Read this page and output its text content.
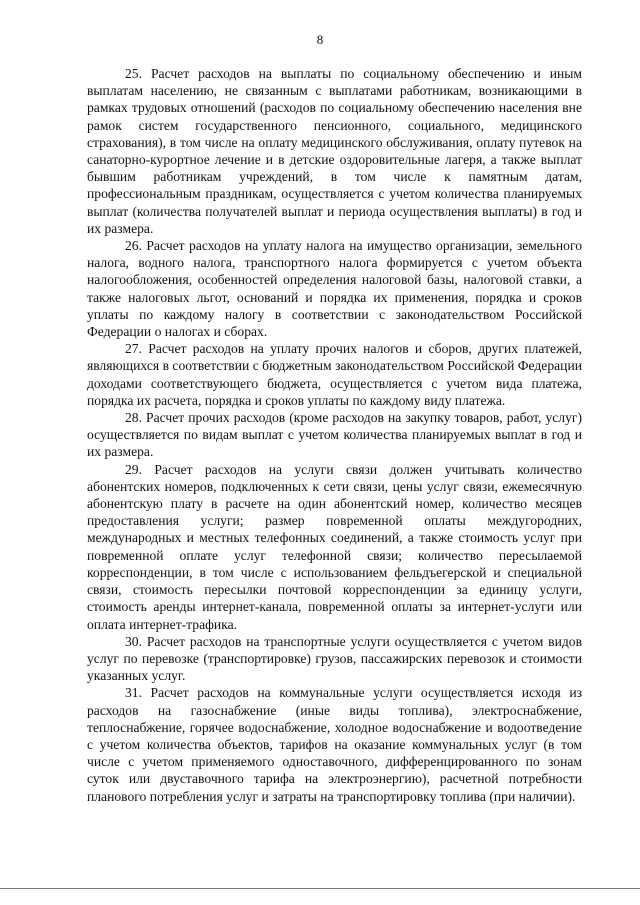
8

25. Расчет расходов на выплаты по социальному обеспечению и иным выплатам населению, не связанным с выплатами работникам, возникающими в рамках трудовых отношений (расходов по социальному обеспечению населения вне рамок систем государственного пенсионного, социального, медицинского страхования), в том числе на оплату медицинского обслуживания, оплату путевок на санаторно-курортное лечение и в детские оздоровительные лагеря, а также выплат бывшим работникам учреждений, в том числе к памятным датам, профессиональным праздникам, осуществляется с учетом количества планируемых выплат (количества получателей выплат и периода осуществления выплаты) в год и их размера.

26. Расчет расходов на уплату налога на имущество организации, земельного налога, водного налога, транспортного налога формируется с учетом объекта налогообложения, особенностей определения налоговой базы, налоговой ставки, а также налоговых льгот, оснований и порядка их применения, порядка и сроков уплаты по каждому налогу в соответствии с законодательством Российской Федерации о налогах и сборах.

27. Расчет расходов на уплату прочих налогов и сборов, других платежей, являющихся в соответствии с бюджетным законодательством Российской Федерации доходами соответствующего бюджета, осуществляется с учетом вида платежа, порядка их расчета, порядка и сроков уплаты по каждому виду платежа.

28. Расчет прочих расходов (кроме расходов на закупку товаров, работ, услуг) осуществляется по видам выплат с учетом количества планируемых выплат в год и их размера.

29. Расчет расходов на услуги связи должен учитывать количество абонентских номеров, подключенных к сети связи, цены услуг связи, ежемесячную абонентскую плату в расчете на один абонентский номер, количество месяцев предоставления услуги; размер повременной оплаты междугородних, международных и местных телефонных соединений, а также стоимость услуг при повременной оплате услуг телефонной связи; количество пересылаемой корреспонденции, в том числе с использованием фельдъегерской и специальной связи, стоимость пересылки почтовой корреспонденции за единицу услуги, стоимость аренды интернет-канала, повременной оплаты за интернет-услуги или оплата интернет-трафика.

30. Расчет расходов на транспортные услуги осуществляется с учетом видов услуг по перевозке (транспортировке) грузов, пассажирских перевозок и стоимости указанных услуг.

31. Расчет расходов на коммунальные услуги осуществляется исходя из расходов на газоснабжение (иные виды топлива), электроснабжение, теплоснабжение, горячее водоснабжение, холодное водоснабжение и водоотведение с учетом количества объектов, тарифов на оказание коммунальных услуг (в том числе с учетом применяемого одноставочного, дифференцированного по зонам суток или двуставочного тарифа на электроэнергию), расчетной потребности планового потребления услуг и затраты на транспортировку топлива (при наличии).
